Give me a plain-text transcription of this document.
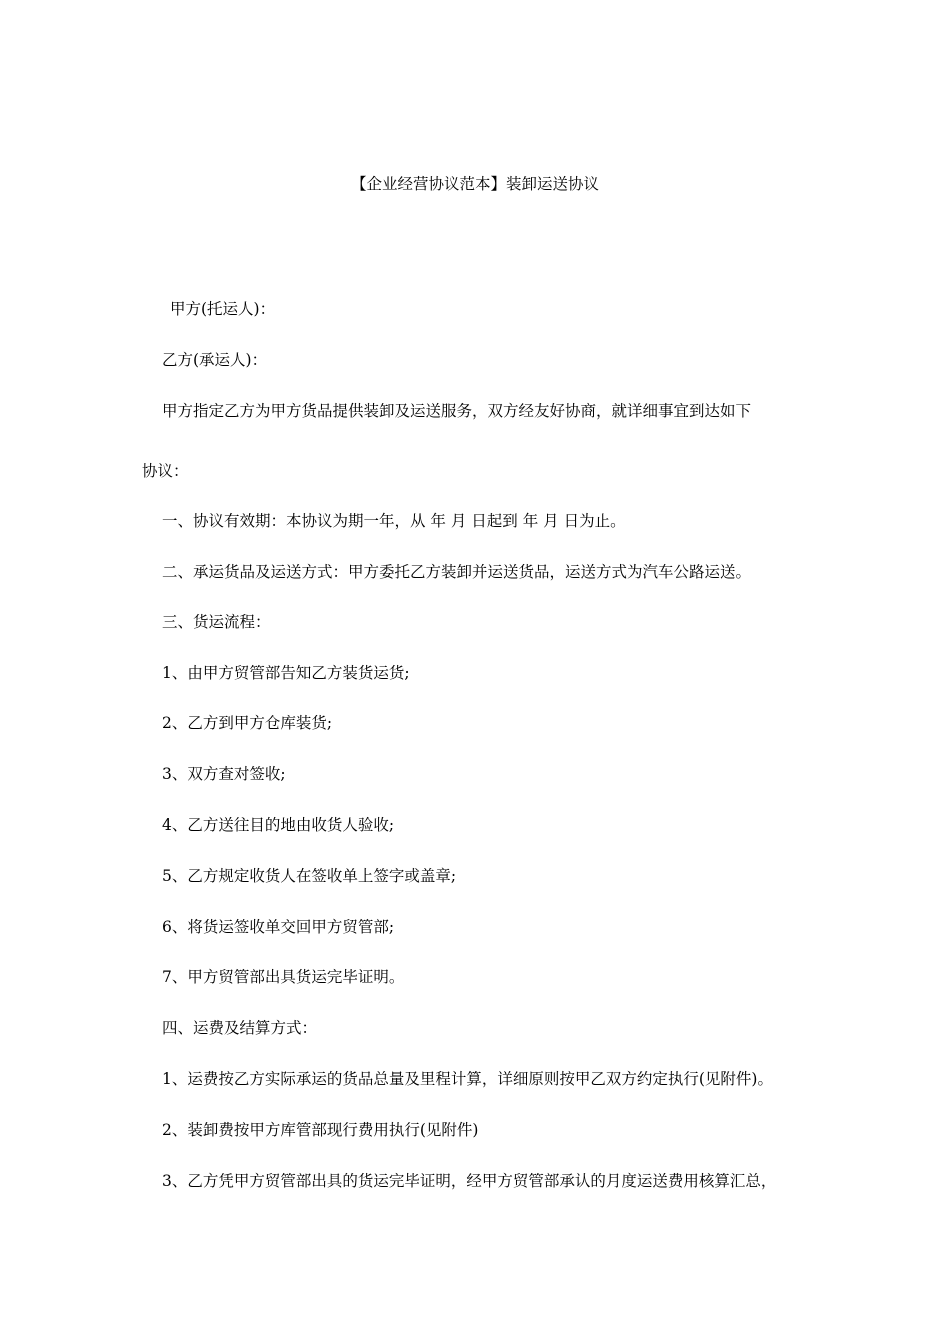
【企业经营协议范本】装卸运送协议
甲方(托运人)：
乙方(承运人)：
甲方指定乙方为甲方货品提供装卸及运送服务，双方经友好协商，就详细事宜到达如下
协议：
一、协议有效期：本协议为期一年，从 年 月 日起到 年 月 日为止。
二、承运货品及运送方式：甲方委托乙方装卸并运送货品，运送方式为汽车公路运送。
三、货运流程：
1、由甲方贸管部告知乙方装货运货;
2、乙方到甲方仓库装货;
3、双方查对签收;
4、乙方送往目的地由收货人验收;
5、乙方规定收货人在签收单上签字或盖章;
6、将货运签收单交回甲方贸管部;
7、甲方贸管部出具货运完毕证明。
四、运费及结算方式：
1、运费按乙方实际承运的货品总量及里程计算，详细原则按甲乙双方约定执行(见附件)。
2、装卸费按甲方库管部现行费用执行(见附件)
3、乙方凭甲方贸管部出具的货运完毕证明，经甲方贸管部承认的月度运送费用核算汇总，
